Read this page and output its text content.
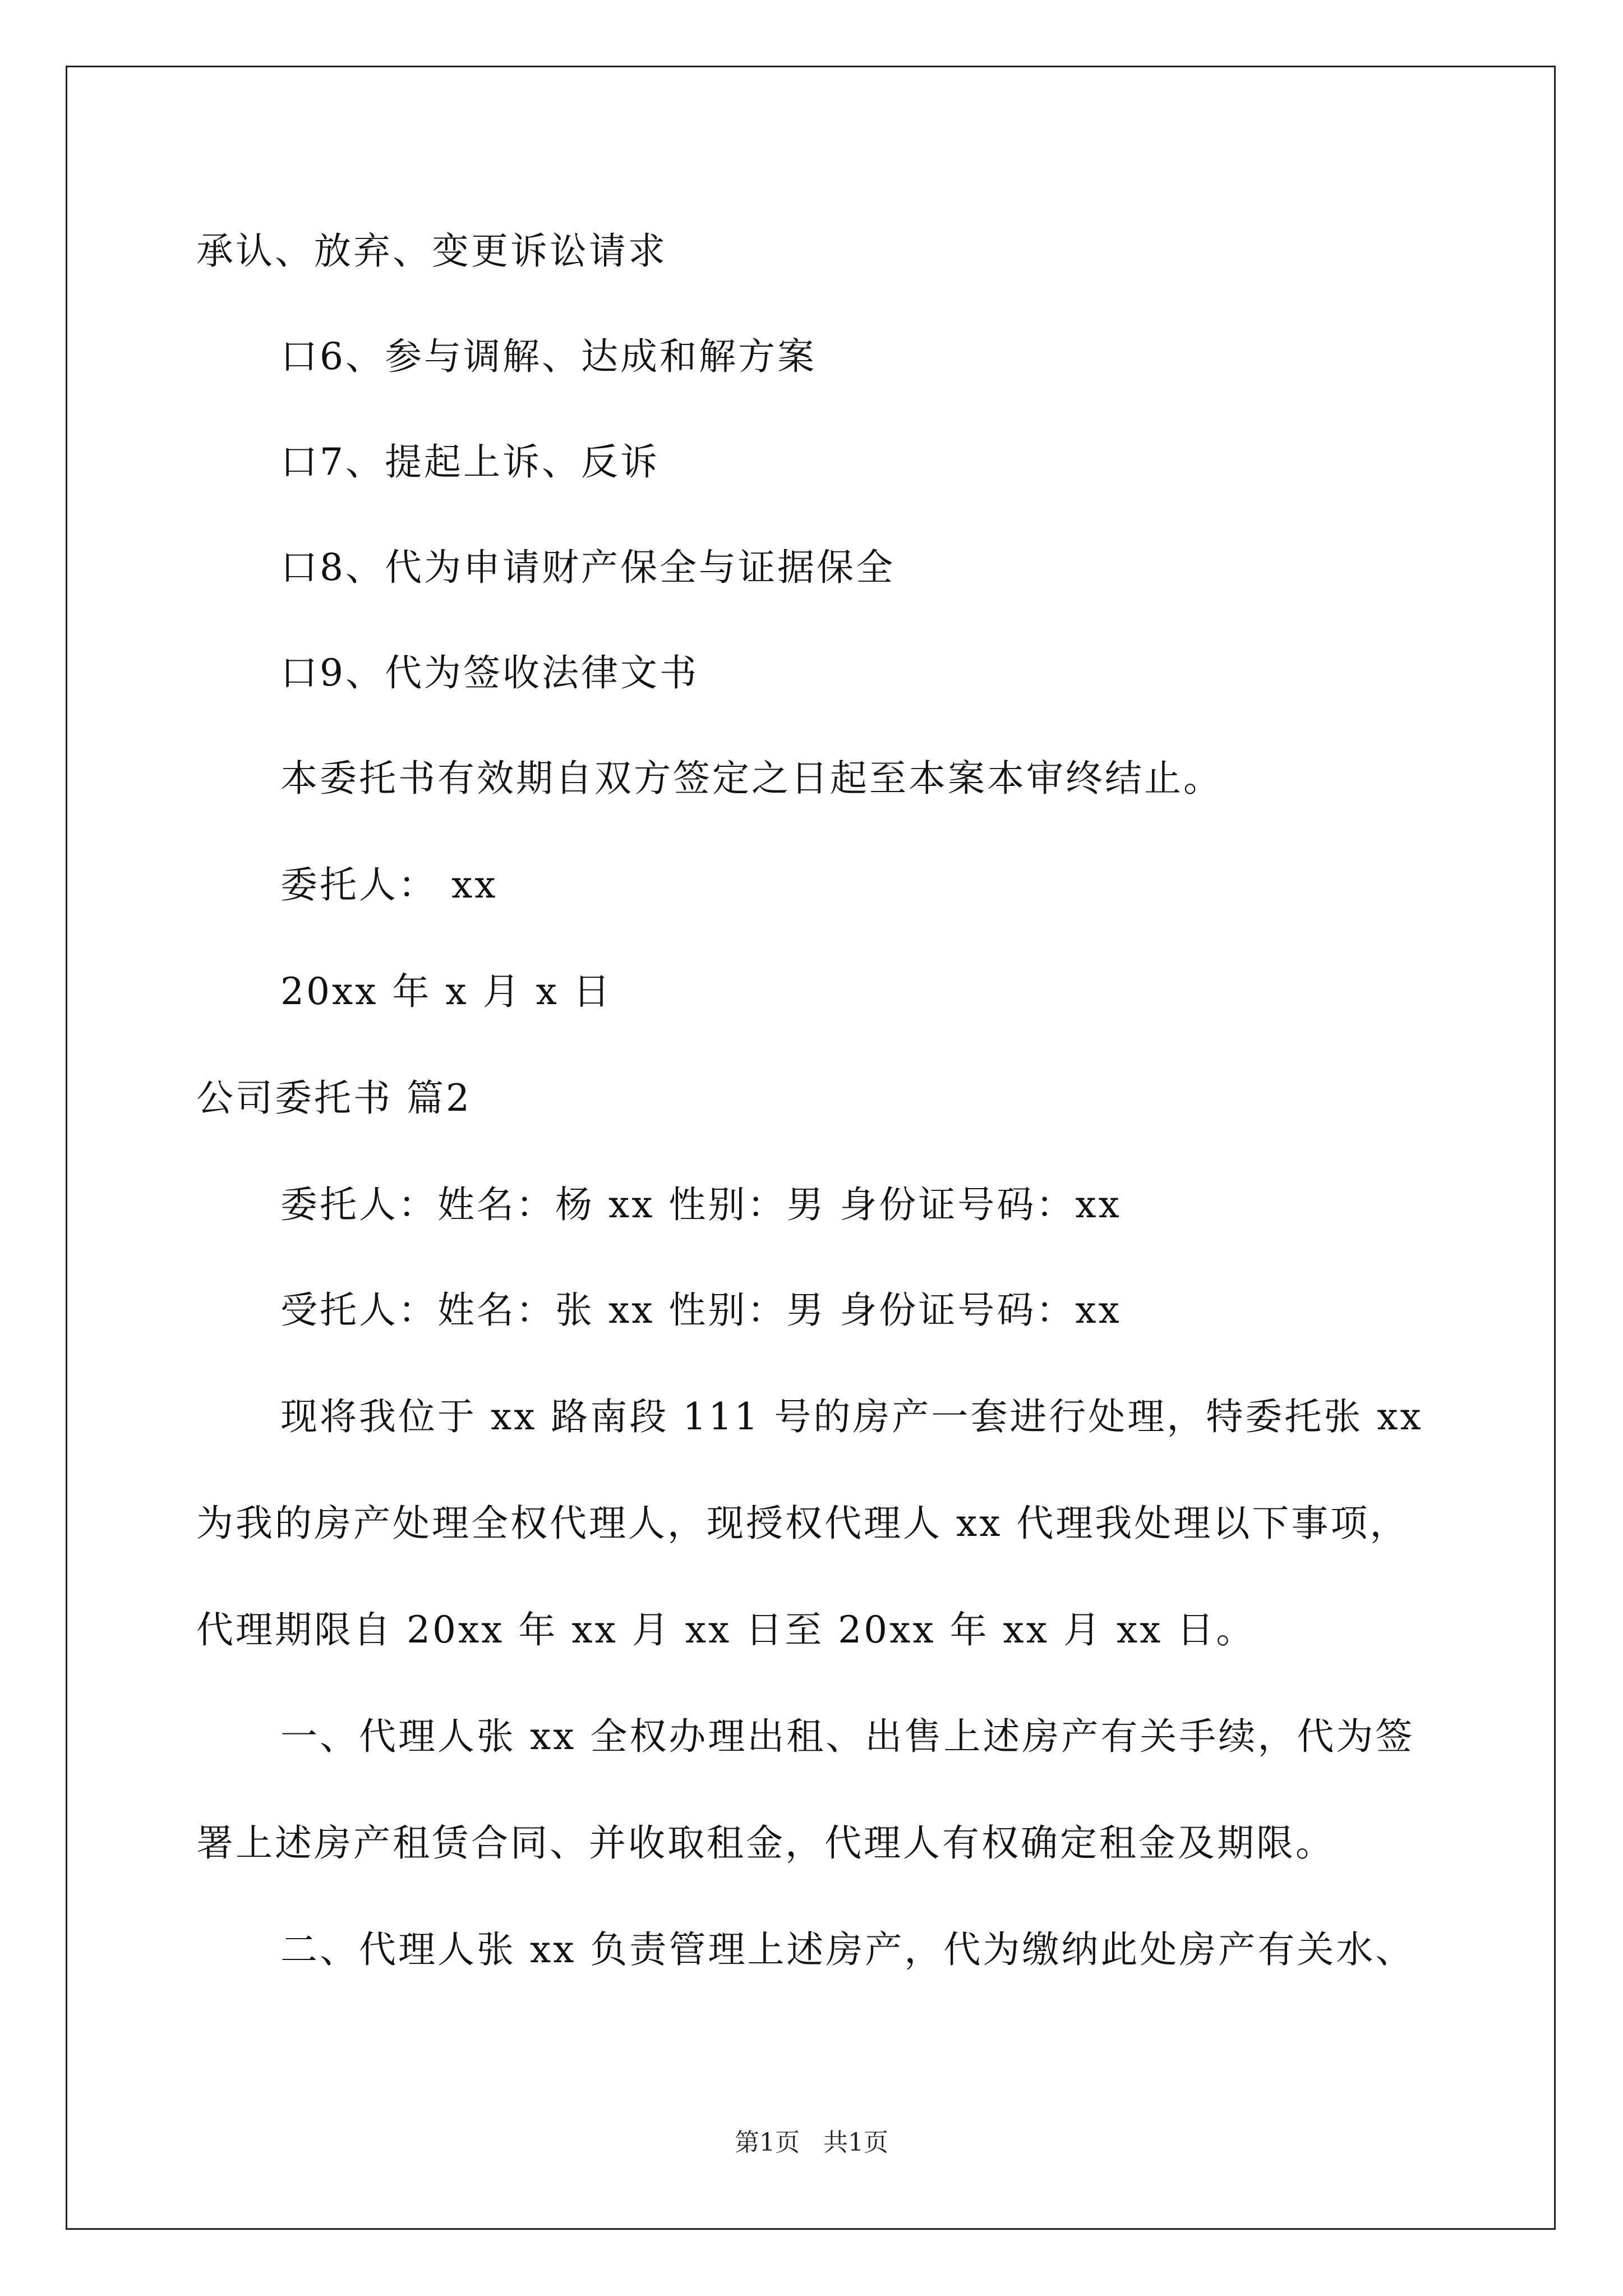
承认、放弃、变更诉讼请求
口6、参与调解、达成和解方案
口7、提起上诉、反诉
口8、代为申请财产保全与证据保全
口9、代为签收法律文书
本委托书有效期自双方签定之日起至本案本审终结止。
委托人： xx
20xx 年 x 月 x 日
公司委托书 篇2
委托人：姓名：杨 xx 性别：男 身份证号码：xx
受托人：姓名：张 xx 性别：男 身份证号码：xx
现将我位于 xx 路南段 111 号的房产一套进行处理，特委托张 xx
为我的房产处理全权代理人，现授权代理人 xx 代理我处理以下事项，
代理期限自 20xx 年 xx 月 xx 日至 20xx 年 xx 月 xx 日。
一、代理人张 xx 全权办理出租、出售上述房产有关手续，代为签
署上述房产租赁合同、并收取租金，代理人有权确定租金及期限。
二、代理人张 xx 负责管理上述房产，代为缴纳此处房产有关水、
第1页 共1页
